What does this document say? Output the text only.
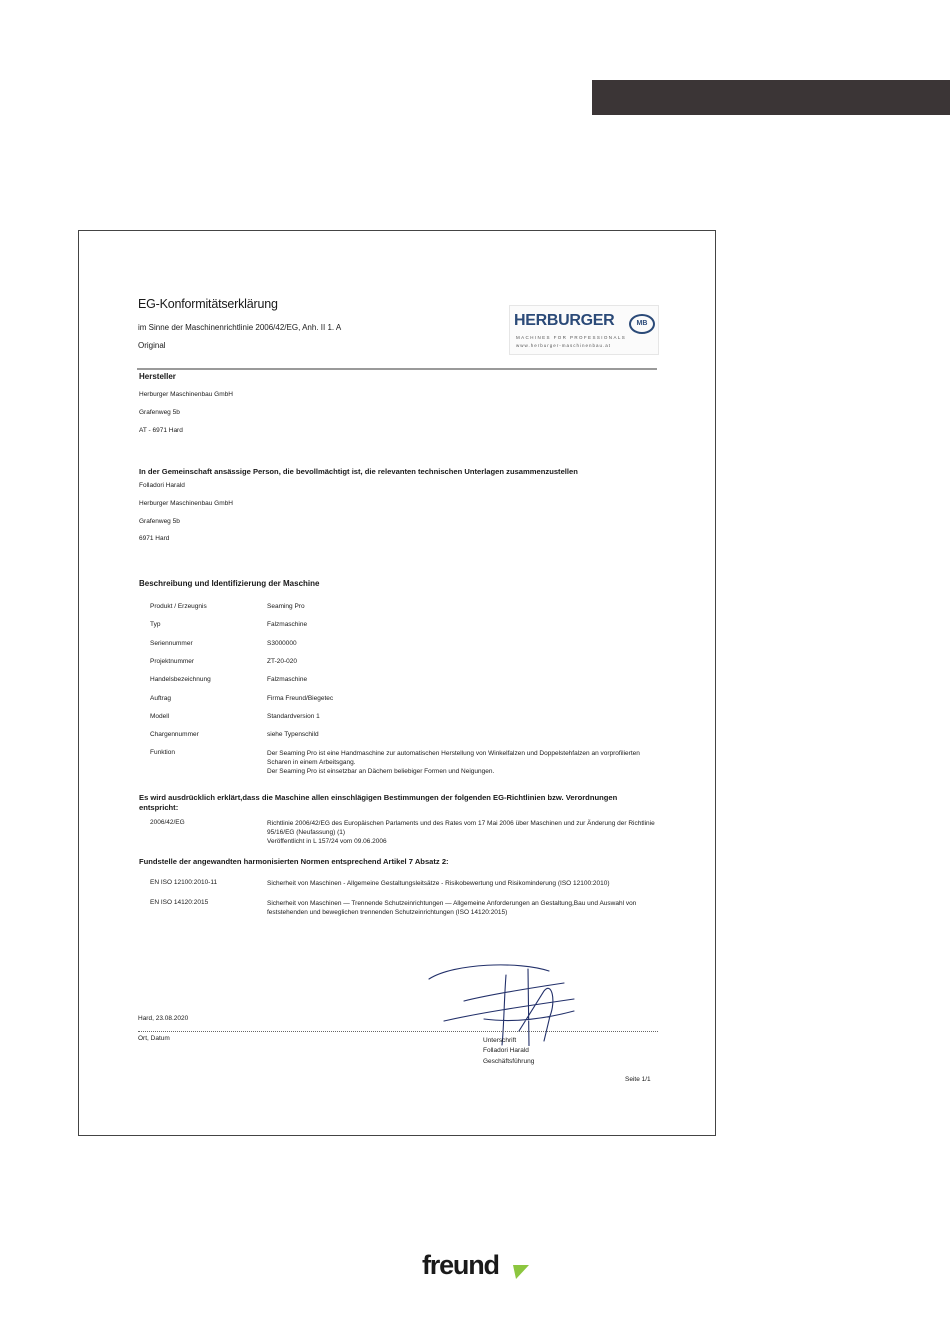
EG-Konformitätserklärung
im Sinne der Maschinenrichtlinie 2006/42/EG, Anh. II 1. A
Original
HERBURGER	MB
MACHINES FOR PROFESSIONALS
www.herburger-maschinenbau.at
Hersteller
Herburger Maschinenbau GmbH
Grafenweg 5b
AT - 6971 Hard
In der Gemeinschaft ansässige Person, die bevollmächtigt ist, die relevanten technischen Unterlagen zusammenzustellen
Folladori Harald
Herburger Maschinenbau GmbH
Grafenweg 5b
6971 Hard
Beschreibung und Identifizierung der Maschine
Produkt / Erzeugnis	Seaming Pro
Typ	Falzmaschine
Seriennummer	S3000000
Projektnummer	ZT-20-020
Handelsbezeichnung	Falzmaschine
Auftrag	Firma Freund/Biegetec
Modell	Standardversion 1
Chargennummer	siehe Typenschild
Funktion	Der Seaming Pro ist eine Handmaschine zur automatischen Herstellung von Winkelfalzen und Doppelstehfalzen an vorprofilierten Scharen in einem Arbeitsgang.
Der Seaming Pro ist einsetzbar an Dächern beliebiger Formen und Neigungen.
Es wird ausdrücklich erklärt,dass die Maschine allen einschlägigen Bestimmungen der folgenden EG-Richtlinien bzw. Verordnungen entspricht:
2006/42/EG	Richtlinie 2006/42/EG des Europäischen Parlaments und des Rates vom 17 Mai 2006 über Maschinen und zur Änderung der Richtlinie 95/16/EG (Neufassung) (1)
Veröffentlicht in L 157/24 vom 09.06.2006
Fundstelle der angewandten harmonisierten Normen entsprechend Artikel 7 Absatz 2:
EN ISO 12100:2010-11	Sicherheit von Maschinen - Allgemeine Gestaltungsleitsätze - Risikobewertung und Risikominderung (ISO 12100:2010)
EN ISO 14120:2015	Sicherheit von Maschinen — Trennende Schutzeinrichtungen — Allgemeine Anforderungen an Gestaltung,Bau und Auswahl von feststehenden und beweglichen trennenden Schutzeinrichtungen (ISO 14120:2015)
Hard, 23.08.2020
Ort, Datum	Unterschrift
Folladori Harald
Geschäftsführung
Seite 1/1
freund
